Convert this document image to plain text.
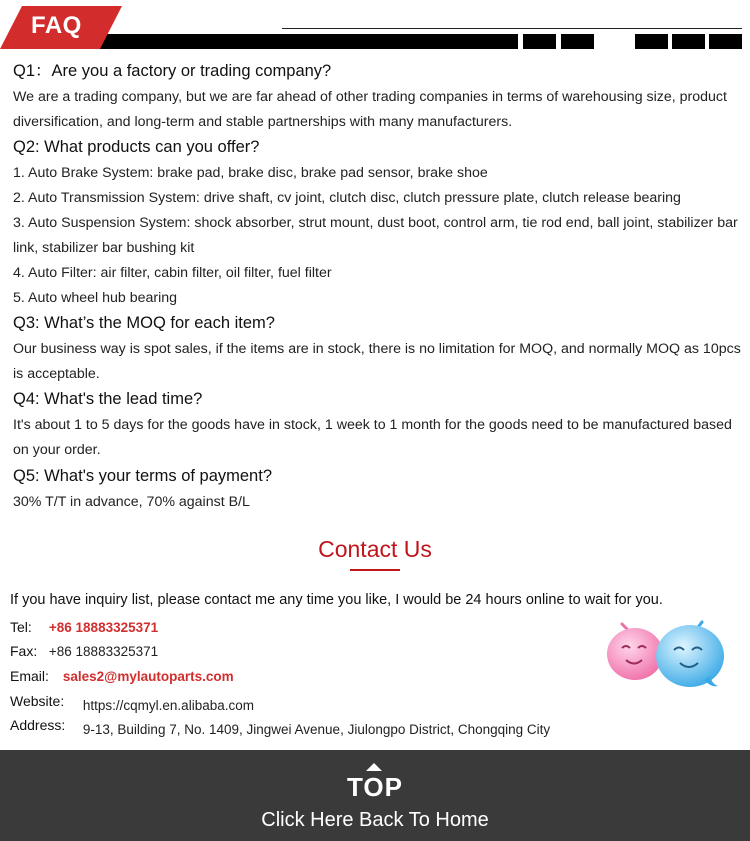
FAQ
Q1：Are you a factory or trading company?
We are a trading company, but we are far ahead of other trading companies in terms of warehousing size, product diversification, and long-term and stable partnerships with many manufacturers.
Q2: What products can you offer?
1. Auto Brake System: brake pad, brake disc, brake pad sensor, brake shoe
2. Auto Transmission System: drive shaft, cv joint, clutch disc, clutch pressure plate, clutch release bearing
3. Auto Suspension System: shock absorber, strut mount, dust boot, control arm, tie rod end, ball joint, stabilizer bar link, stabilizer bar bushing kit
4. Auto Filter: air filter, cabin filter, oil filter, fuel filter
5. Auto wheel hub bearing
Q3: What’s the MOQ for each item?
Our business way is spot sales, if the items are in stock, there is no limitation for MOQ, and normally MOQ as 10pcs is acceptable.
Q4: What's the lead time?
It's about 1 to 5 days for the goods have in stock, 1 week to 1 month for the goods need to be manufactured based on your order.
Q5: What's your terms of payment?
30% T/T in advance, 70% against B/L
Contact Us
If you have inquiry list, please contact me any time you like, I would be 24 hours online to wait for you.
Tel: +86 18883325371
Fax: +86 18883325371
Email: sales2@mylautoparts.com
Website: https://cqmyl.en.alibaba.com
Address: 9-13, Building 7, No. 1409, Jingwei Avenue, Jiulongpo District, Chongqing City
TOP
Click Here Back To Home
